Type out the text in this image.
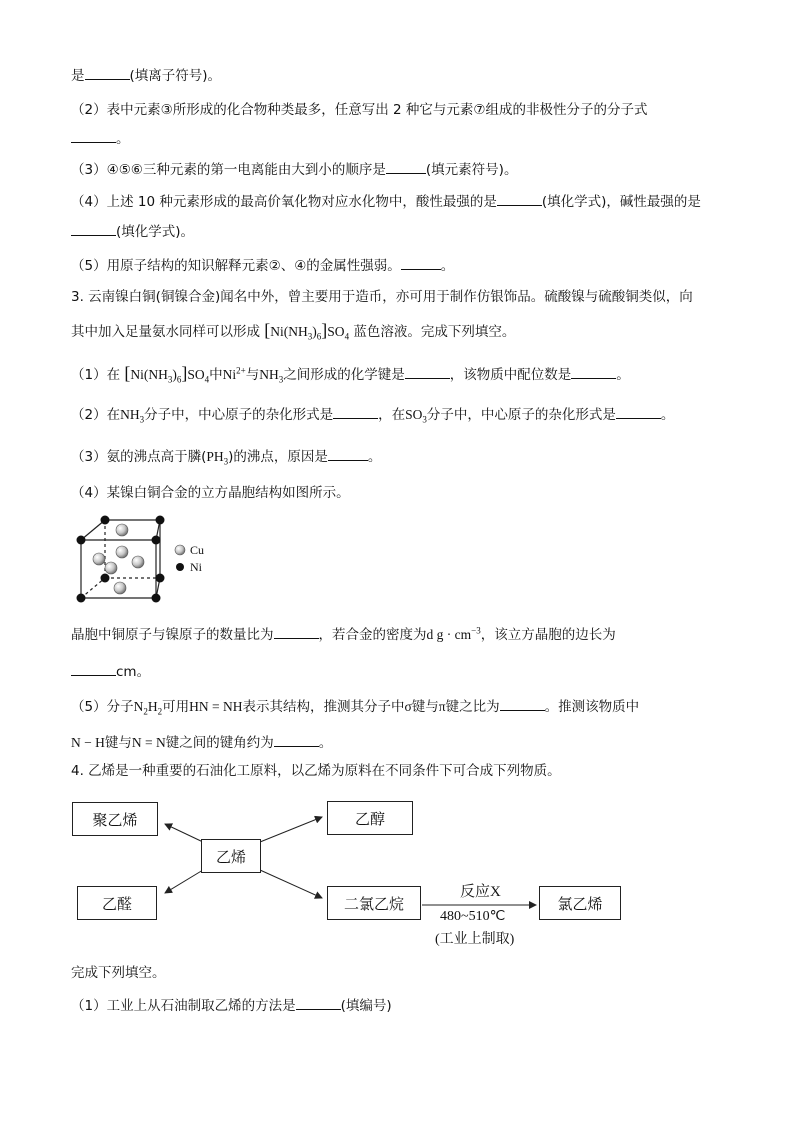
是	(填离子符号)。
（2）表中元素③所形成的化合物种类最多，任意写出 2 种它与元素⑦组成的非极性分子的分子式
。
（3）④⑤⑥三种元素的第一电离能由大到小的顺序是	(填元素符号)。
（4）上述 10 种元素形成的最高价氧化物对应水化物中，酸性最强的是	(填化学式)，碱性最强的是
(填化学式)。
（5）用原子结构的知识解释元素②、④的金属性强弱。	。
3. 云南镍白铜(铜镍合金)闻名中外，曾主要用于造币，亦可用于制作仿银饰品。硫酸镍与硫酸铜类似，向
其中加入足量氨水同样可以形成 $[Ni(NH_3)_6]SO_4$ 蓝色溶液。完成下列填空。
（1）在 $[Ni(NH_3)_6]SO_4$中$Ni^{2+}$与$NH_3$之间形成的化学键是	，该物质中配位数是	。
（2）在$NH_3$分子中，中心原子的杂化形式是	，在$SO_3$分子中，中心原子的杂化形式是	。
（3）氨的沸点高于膦$(PH_3)$的沸点，原因是	。
（4）某镍白铜合金的立方晶胞结构如图所示。
Cu
Ni
晶胞中铜原子与镍原子的数量比为	，若合金的密度为d $g \cdot cm^{-3}$，该立方晶胞的边长为
cm。
（5）分子$N_2H_2$可用HN = NH表示其结构，推测其分子中σ键与π键之比为	。推测该物质中
N − H键与N = N键之间的键角约为	。
4. 乙烯是一种重要的石油化工原料，以乙烯为原料在不同条件下可合成下列物质。
聚乙烯	乙醇
乙烯
乙醛	二氯乙烷	氯乙烯
反应X
480~510℃
(工业上制取)
完成下列填空。
（1）工业上从石油制取乙烯的方法是	(填编号)
